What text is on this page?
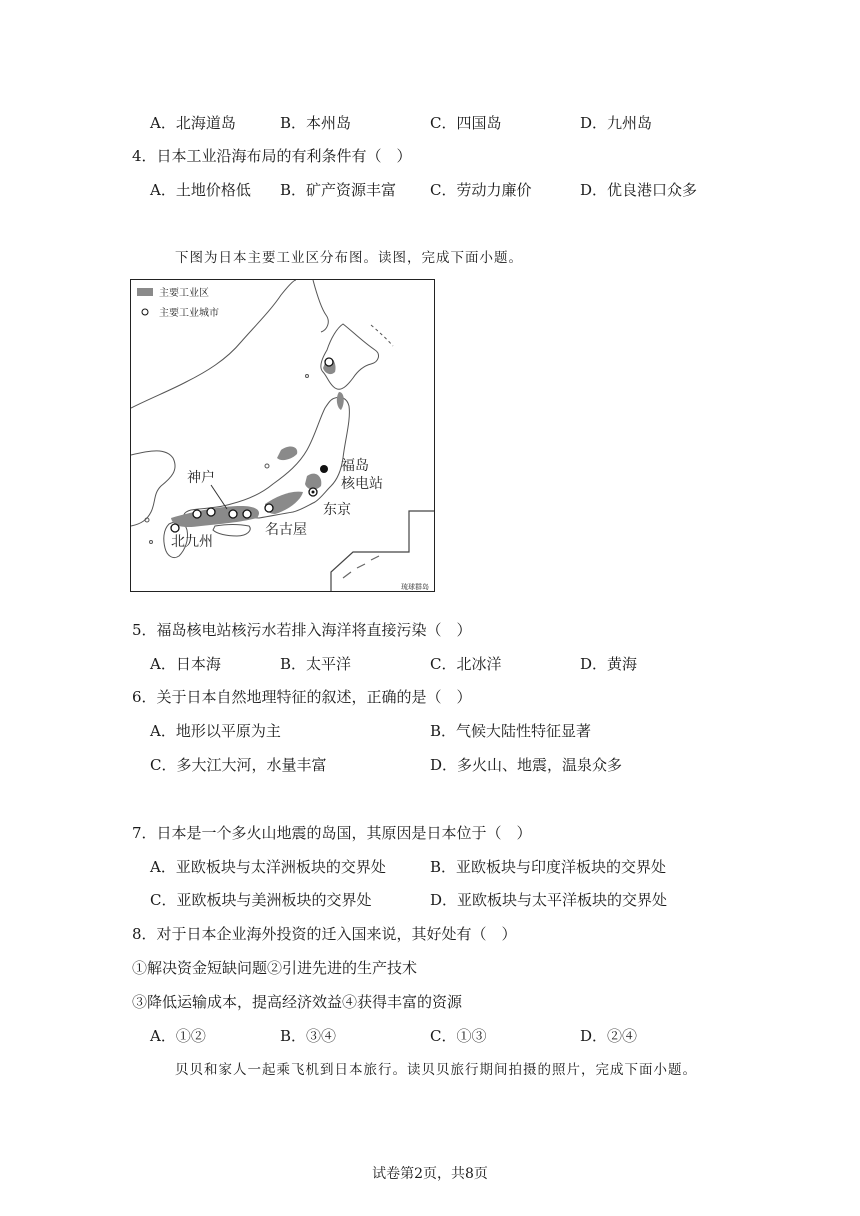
A．北海道岛	B．本州岛	C．四国岛	D．九州岛
4．日本工业沿海布局的有利条件有（　）
A．土地价格低 B．矿产资源丰富 C．劳动力廉价	D．优良港口众多
下图为日本主要工业区分布图。读图，完成下面小题。
主要工业区
主要工业城市
神户
福岛
核电站
东京
名古屋
北九州
琉球群岛
5．福岛核电站核污水若排入海洋将直接污染（　）
A．日本海	B．太平洋	C．北冰洋	D．黄海
6．关于日本自然地理特征的叙述，正确的是（　）
A．地形以平原为主	B．气候大陆性特征显著
C．多大江大河，水量丰富	D．多火山、地震，温泉众多
7．日本是一个多火山地震的岛国，其原因是日本位于（　）
A．亚欧板块与太洋洲板块的交界处	B．亚欧板块与印度洋板块的交界处
C．亚欧板块与美洲板块的交界处	D．亚欧板块与太平洋板块的交界处
8．对于日本企业海外投资的迁入国来说，其好处有（　）
①解决资金短缺问题②引进先进的生产技术
③降低运输成本，提高经济效益④获得丰富的资源
A．①②	B．③④	C．①③	D．②④
贝贝和家人一起乘飞机到日本旅行。读贝贝旅行期间拍摄的照片，完成下面小题。
试卷第2页，共8页
